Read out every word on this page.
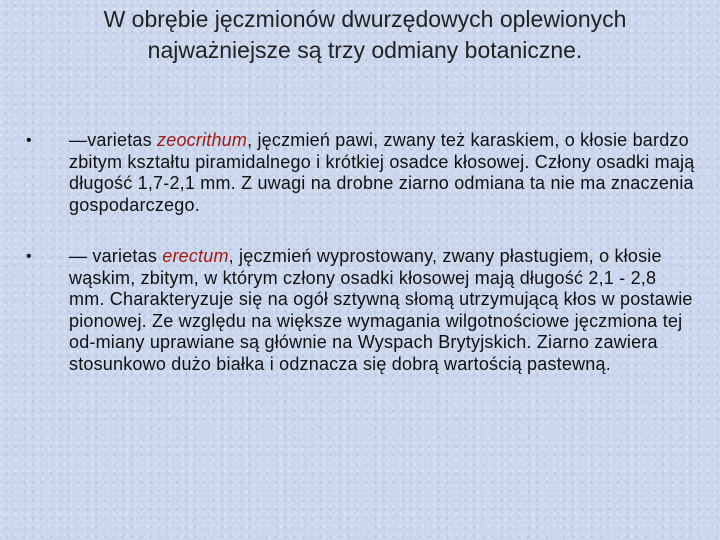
W obrębie jęczmionów dwurzędowych oplewionych najważniejsze są trzy odmiany botaniczne.
• —varietas zeocrithum, jęczmień pawi, zwany też karaskiem, o kłosie bardzo zbitym kształtu piramidalnego i krótkiej osadce kłosowej. Człony osadki mają długość 1,7-2,1 mm. Z uwagi na drobne ziarno odmiana ta nie ma znaczenia gospodarczego.
• — varietas erectum, jęczmień wyprostowany, zwany płastugiem, o kłosie wąskim, zbitym, w którym człony osadki kłosowej mają długość 2,1 - 2,8 mm. Charakteryzuje się na ogół sztywną słomą utrzymującą kłos w postawie pionowej. Ze względu na większe wymagania wilgotnościowe jęczmiona tej od-miany uprawiane są głównie na Wyspach Brytyjskich. Ziarno zawiera stosunkowo dużo białka i odznacza się dobrą wartością pastewną.
